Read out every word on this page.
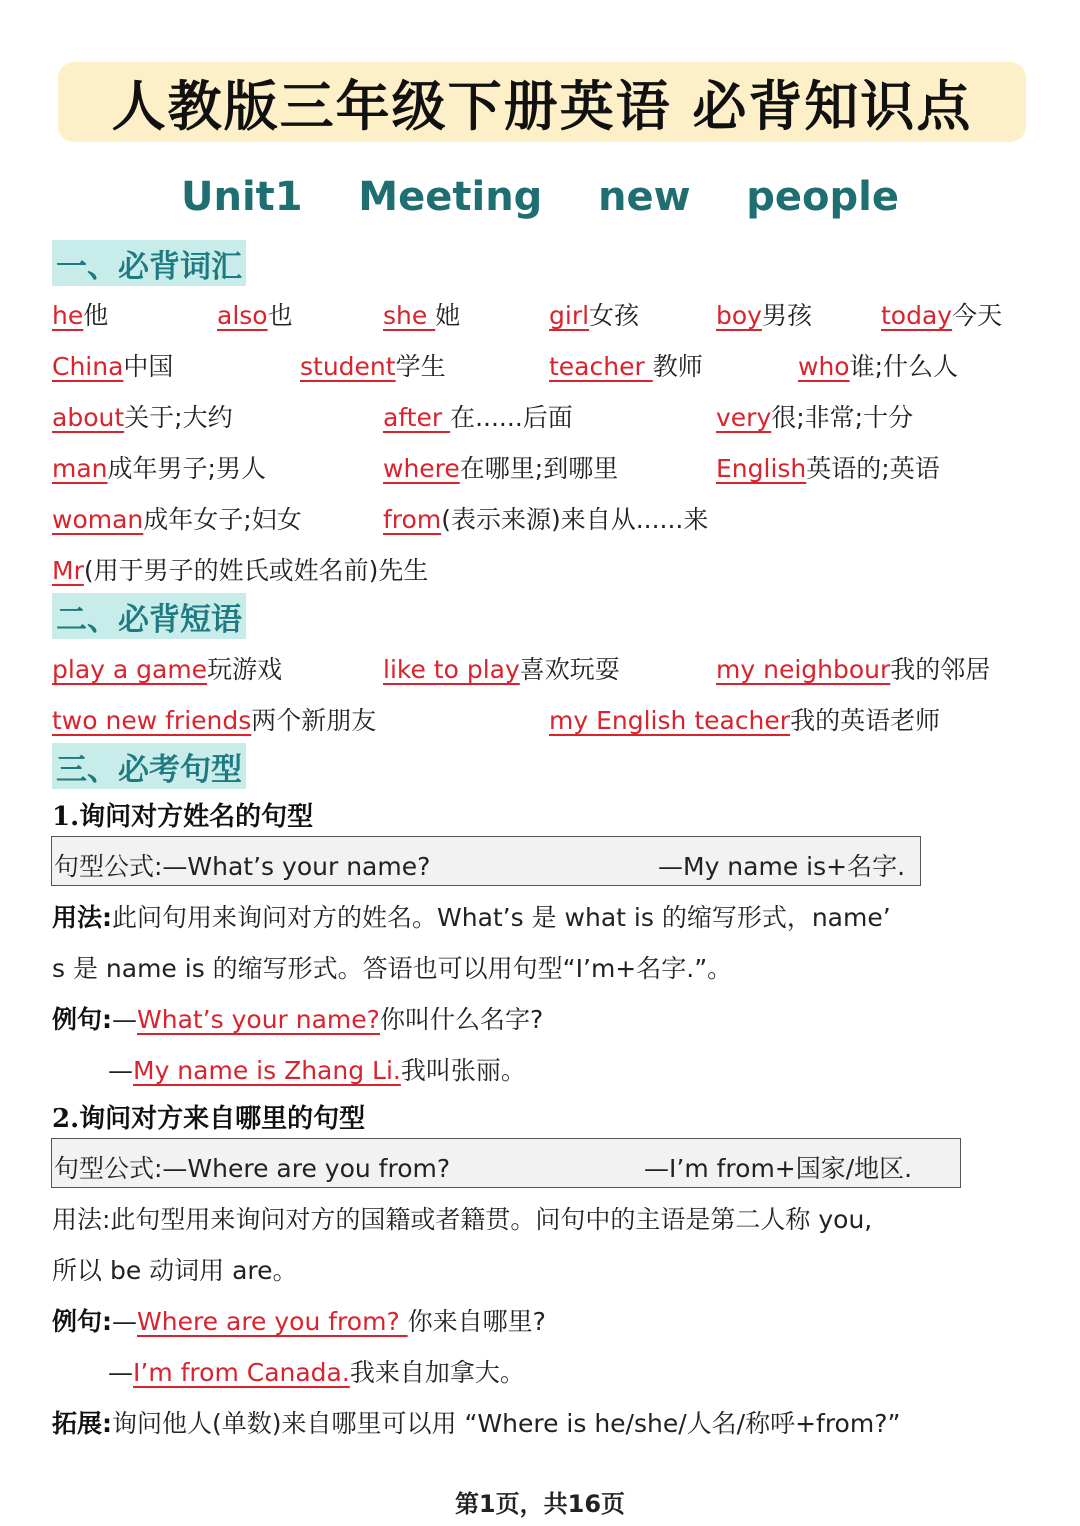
人教版三年级下册英语 必背知识点
Unit1    Meeting    new    people
一、必背词汇
he他	also也	she 她	girl女孩	boy男孩	today今天
China中国	student学生	teacher 教师	who谁;什么人
about关于;大约	after 在......后面	very很;非常;十分
man成年男子;男人	where在哪里;到哪里	English英语的;英语
woman成年女子;妇女	from(表示来源)来自从......来
Mr(用于男子的姓氏或姓名前)先生
二、必背短语
play a game玩游戏	like to play喜欢玩耍	my neighbour我的邻居
two new friends两个新朋友	my English teacher我的英语老师
三、必考句型
1.询问对方姓名的句型
句型公式:—What’s your name?	—My name is+名字.
用法:此问句用来询问对方的姓名。What’s 是 what is 的缩写形式，name’
s 是 name is 的缩写形式。答语也可以用句型“I’m+名字.”。
例句:—What’s your name?你叫什么名字?
—My name is Zhang Li.我叫张丽。
2.询问对方来自哪里的句型
句型公式:—Where are you from?	—I’m from+国家/地区.
用法:此句型用来询问对方的国籍或者籍贯。问句中的主语是第二人称 you,
所以 be 动词用 are。
例句:—Where are you from? 你来自哪里?
—I’m from Canada.我来自加拿大。
拓展:询问他人(单数)来自哪里可以用 “Where is he/she/人名/称呼+from?”
第1页，共16页
